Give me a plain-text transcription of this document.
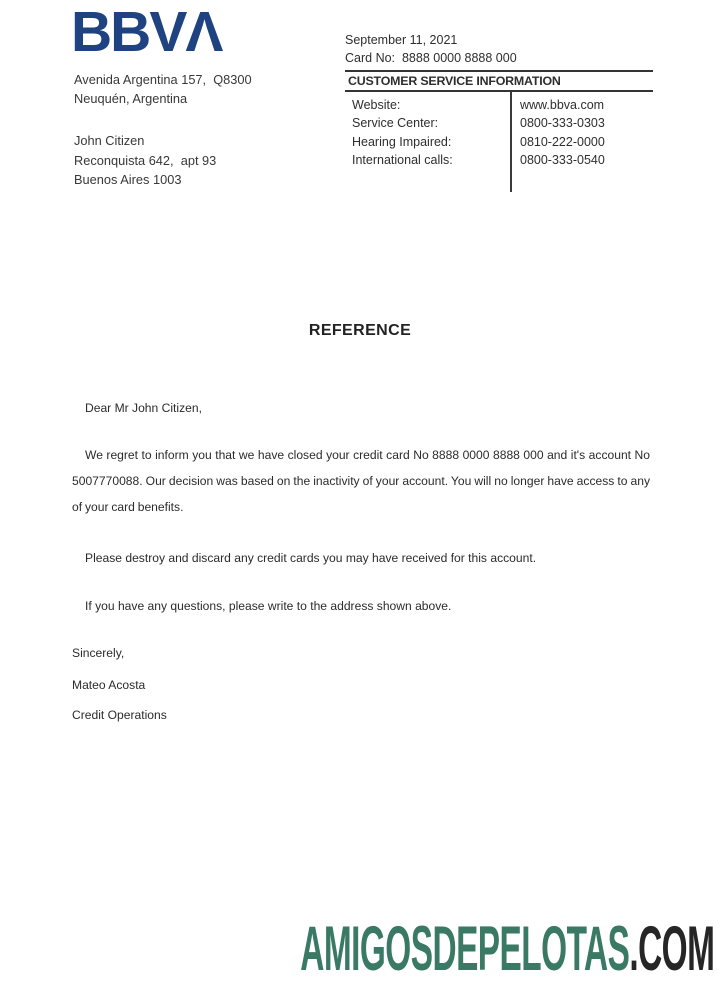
BBVΛ
Avenida Argentina 157,  Q8300
Neuquén, Argentina
John Citizen
Reconquista 642,  apt 93
Buenos Aires 1003
September 11, 2021
Card No:  8888 0000 8888 000
CUSTOMER SERVICE INFORMATION
Website:	www.bbva.com
Service Center:	0800-333-0303
Hearing Impaired:	0810-222-0000
International calls:	0800-333-0540
REFERENCE
Dear Mr John Citizen,
We regret to inform you that we have closed your credit card No 8888 0000 8888 000 and it's account No 5007770088. Our decision was based on the inactivity of your account. You will no longer have access to any of your card benefits.
Please destroy and discard any credit cards you may have received for this account.
If you have any questions, please write to the address shown above.
Sincerely,
Mateo Acosta
Credit Operations
AMIGOSDEPELOTAS.COM
